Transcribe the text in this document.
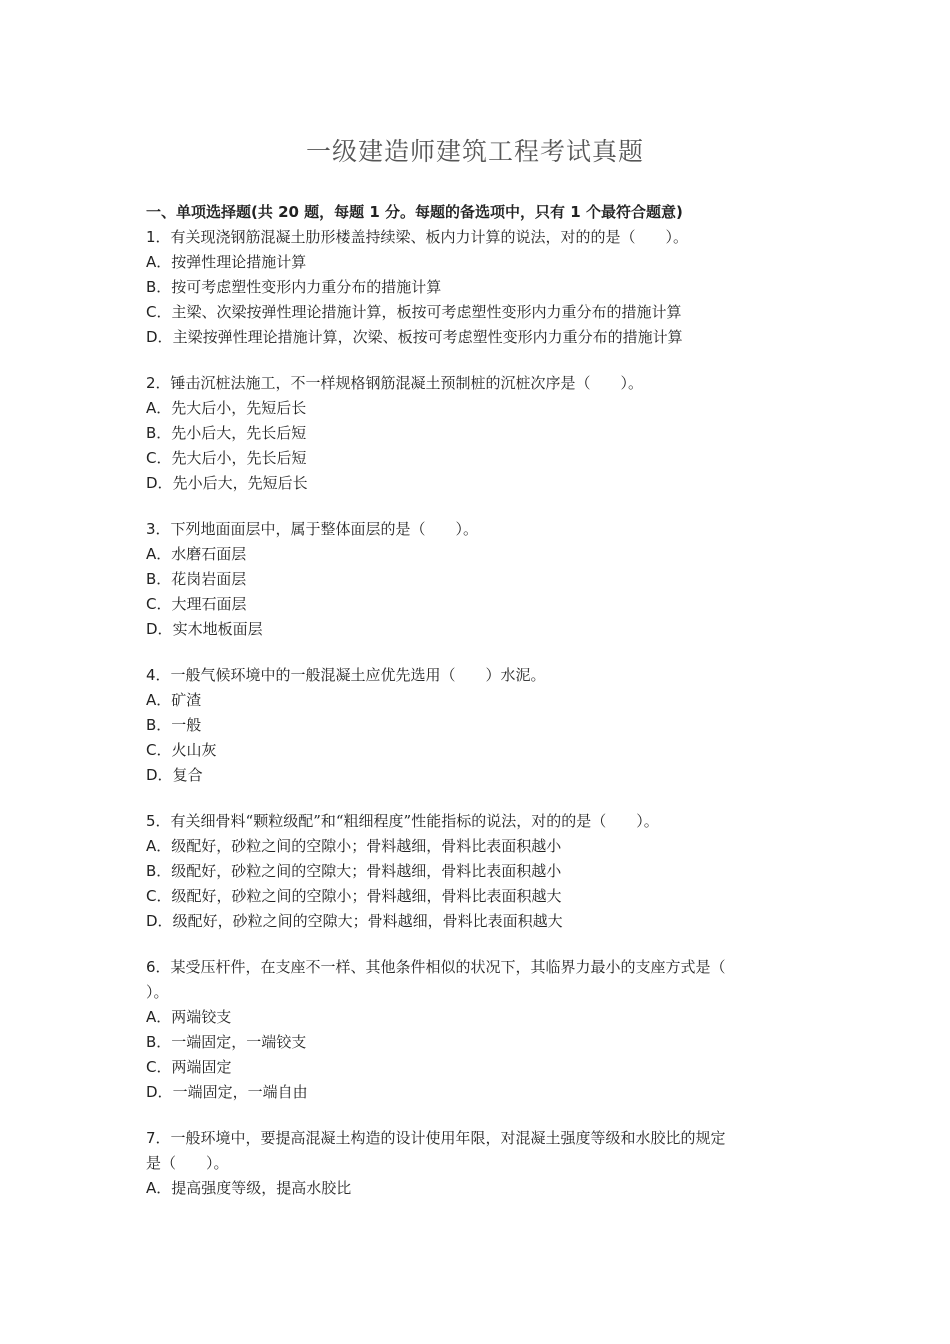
一级建造师建筑工程考试真题
一、单项选择题(共 20 题，每题 1 分。每题的备选项中，只有 1 个最符合题意)
1．有关现浇钢筋混凝土肋形楼盖持续梁、板内力计算的说法，对的的是（　　）。
A．按弹性理论措施计算
B．按可考虑塑性变形内力重分布的措施计算
C．主梁、次梁按弹性理论措施计算，板按可考虑塑性变形内力重分布的措施计算
D．主梁按弹性理论措施计算，次梁、板按可考虑塑性变形内力重分布的措施计算
2．锤击沉桩法施工，不一样规格钢筋混凝土预制桩的沉桩次序是（　　）。
A．先大后小，先短后长
B．先小后大，先长后短
C．先大后小，先长后短
D．先小后大，先短后长
3．下列地面面层中，属于整体面层的是（　　）。
A．水磨石面层
B．花岗岩面层
C．大理石面层
D．实木地板面层
4．一般气候环境中的一般混凝土应优先选用（　　）水泥。
A．矿渣
B．一般
C．火山灰
D．复合
5．有关细骨料“颗粒级配”和“粗细程度”性能指标的说法，对的的是（　　）。
A．级配好，砂粒之间的空隙小；骨料越细，骨料比表面积越小
B．级配好，砂粒之间的空隙大；骨料越细，骨料比表面积越小
C．级配好，砂粒之间的空隙小；骨料越细，骨料比表面积越大
D．级配好，砂粒之间的空隙大；骨料越细，骨料比表面积越大
6．某受压杆件，在支座不一样、其他条件相似的状况下，其临界力最小的支座方式是（
）。
A．两端铰支
B．一端固定，一端铰支
C．两端固定
D．一端固定，一端自由
7．一般环境中，要提高混凝土构造的设计使用年限，对混凝土强度等级和水胶比的规定
是（　　）。
A．提高强度等级，提高水胶比
